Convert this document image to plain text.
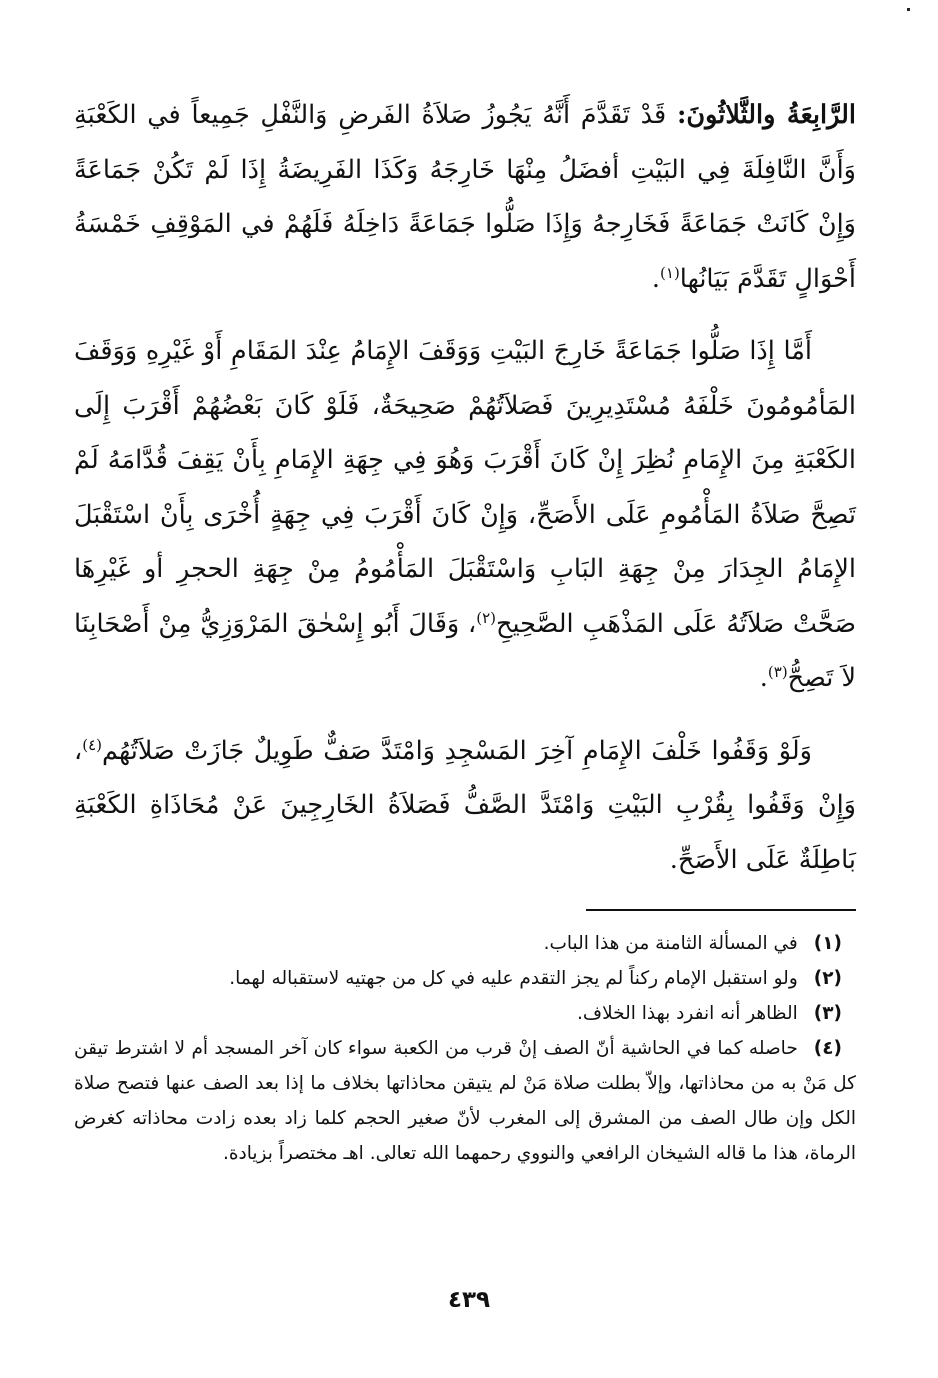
الرَّابِعَةُ والثَّلاثُونَ: قَدْ تَقَدَّمَ أَنَّهُ يَجُوزُ صَلاَةُ الفَرضِ وَالنَّفْلِ جَمِيعاً في الكَعْبَةِ وَأَنَّ النَّافِلَةَ فِي البَيْتِ أفضَلُ مِنْهَا خَارِجَهُ وَكَذَا الفَرِيضَةُ إِذَا لَمْ تَكُنْ جَمَاعَةً وَإِنْ كَانَتْ جَمَاعَةً فَخَارِجهُ وَإِذَا صَلُّوا جَمَاعَةً دَاخِلَهُ فَلَهُمْ في المَوْقِفِ خَمْسَةُ أَحْوَالٍ تَقَدَّمَ بَيَانُها$^{(١)}$.

أَمَّا إِذَا صَلُّوا جَمَاعَةً خَارِجَ البَيْتِ وَوَقَفَ الإِمَامُ عِنْدَ المَقَامِ أَوْ غَيْرِهِ وَوَقَفَ المَأمُومُونَ خَلْفَهُ مُسْتَدِيرِينَ فَصَلاَتُهُمْ صَحِيحَةٌ، فَلَوْ كَانَ بَعْضُهُمْ أَقْرَبَ إِلَى الكَعْبَةِ مِنَ الإِمَامِ نُظِرَ إِنْ كَانَ أَقْرَبَ وَهُوَ فِي جِهَةِ الإِمَامِ بِأَنْ يَقِفَ قُدَّامَهُ لَمْ تَصِحَّ صَلاَةُ المَأْمُومِ عَلَى الأَصَحِّ، وَإِنْ كَانَ أَقْرَبَ فِي جِهَةٍ أُخْرَى بِأَنْ اسْتَقْبَلَ الإِمَامُ الجِدَارَ مِنْ جِهَةِ البَابِ وَاسْتَقْبَلَ المَأْمُومُ مِنْ جِهَةِ الحجرِ أو غَيْرِهَا صَحَّتْ صَلاَتُهُ عَلَى المَذْهَبِ الصَّحِيحِ$^{(٢)}$، وَقَالَ أَبُو إِسْحٰقَ المَرْوَزِيُّ مِنْ أَصْحَابِنَا لاَ تَصِحُّ$^{(٣)}$.

وَلَوْ وَقَفُوا خَلْفَ الإِمَامِ آخِرَ المَسْجِدِ وَامْتَدَّ صَفٌّ طَوِيلٌ جَازَتْ صَلاَتُهُم$^{(٤)}$، وَإِنْ وَقَفُوا بِقُرْبِ البَيْتِ وَامْتَدَّ الصَّفُّ فَصَلاَةُ الخَارِجِينَ عَنْ مُحَاذَاةِ الكَعْبَةِ بَاطِلَةٌ عَلَى الأَصَحِّ.

(١)في المسألة الثامنة من هذا الباب.

(٢)ولو استقبل الإمام ركناً لم يجز التقدم عليه في كل من جهتيه لاستقباله لهما.

(٣)الظاهر أنه انفرد بهذا الخلاف.

(٤)حاصله كما في الحاشية أنّ الصف إنْ قرب من الكعبة سواء كان آخر المسجد أم لا اشترط تيقن كل مَنْ به من محاذاتها، وإلاّ بطلت صلاة مَنْ لم يتيقن محاذاتها بخلاف ما إذا بعد الصف عنها فتصح صلاة الكل وإن طال الصف من المشرق إلى المغرب لأنّ صغير الحجم كلما زاد بعده زادت محاذاته كغرض الرماة، هذا ما قاله الشيخان الرافعي والنووي رحمهما الله تعالى. اهـ مختصراً بزيادة.

٤٣٩
